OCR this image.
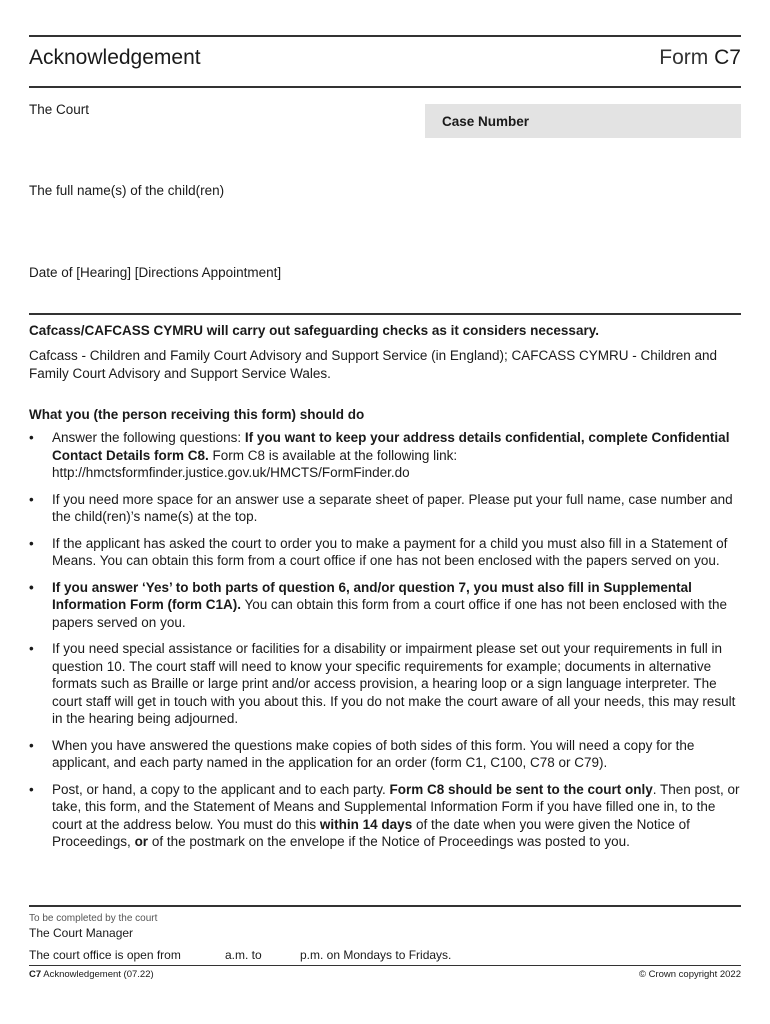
Acknowledgement	Form C7
The Court
Case Number
The full name(s) of the child(ren)
Date of [Hearing] [Directions Appointment]
Cafcass/CAFCASS CYMRU will carry out safeguarding checks as it considers necessary.
Cafcass - Children and Family Court Advisory and Support Service (in England); CAFCASS CYMRU - Children and Family Court Advisory and Support Service Wales.
What you (the person receiving this form) should do
• Answer the following questions: If you want to keep your address details confidential, complete Confidential Contact Details form C8. Form C8 is available at the following link: http://hmctsformfinder.justice.gov.uk/HMCTS/FormFinder.do
• If you need more space for an answer use a separate sheet of paper. Please put your full name, case number and the child(ren)’s name(s) at the top.
• If the applicant has asked the court to order you to make a payment for a child you must also fill in a Statement of Means. You can obtain this form from a court office if one has not been enclosed with the papers served on you.
• If you answer ‘Yes’ to both parts of question 6, and/or question 7, you must also fill in Supplemental Information Form (form C1A). You can obtain this form from a court office if one has not been enclosed with the papers served on you.
• If you need special assistance or facilities for a disability or impairment please set out your requirements in full in question 10. The court staff will need to know your specific requirements for example; documents in alternative formats such as Braille or large print and/or access provision, a hearing loop or a sign language interpreter. The court staff will get in touch with you about this. If you do not make the court aware of all your needs, this may result in the hearing being adjourned.
• When you have answered the questions make copies of both sides of this form. You will need a copy for the applicant, and each party named in the application for an order (form C1, C100, C78 or C79).
• Post, or hand, a copy to the applicant and to each party. Form C8 should be sent to the court only. Then post, or take, this form, and the Statement of Means and Supplemental Information Form if you have filled one in, to the court at the address below. You must do this within 14 days of the date when you were given the Notice of Proceedings, or of the postmark on the envelope if the Notice of Proceedings was posted to you.
To be completed by the court
The Court Manager
The court office is open from	a.m. to	p.m. on Mondays to Fridays.
C7 Acknowledgement (07.22)	© Crown copyright 2022
